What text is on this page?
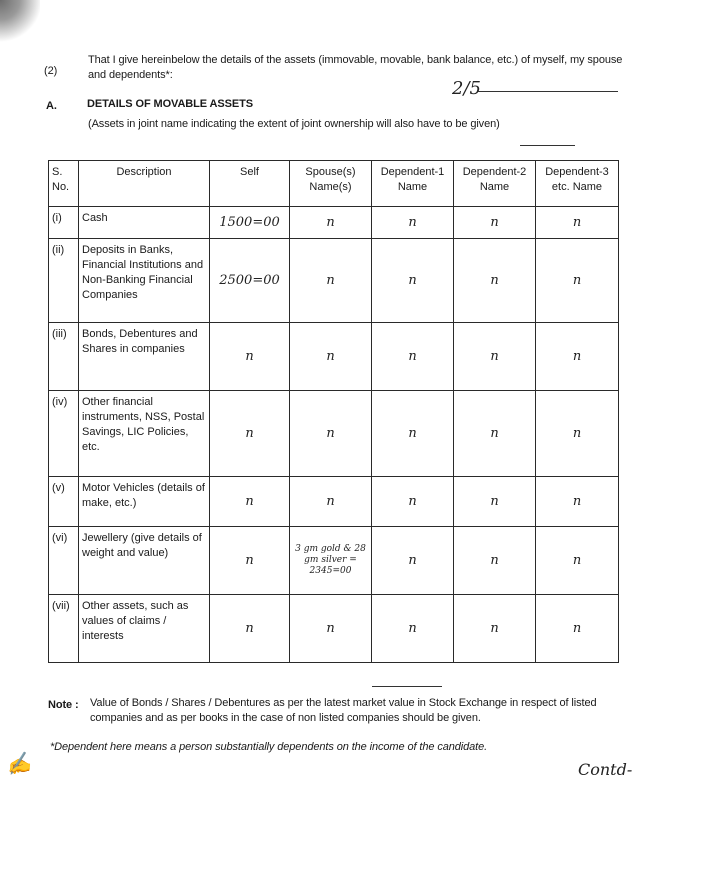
(2)
That I give hereinbelow the details of the assets (immovable, movable, bank balance, etc.) of myself, my spouse and dependents*:
A.	DETAILS OF MOVABLE ASSETS
(Assets in joint name indicating the extent of joint ownership will also have to be given)
2/5
S. No.	Description	Self	Spouse(s) Name(s)	Dependent-1 Name	Dependent-2 Name	Dependent-3 etc. Name
(i)	Cash	1500=00	n	n	n	n
(ii)	Deposits in Banks, Financial Institutions and Non-Banking Financial Companies	2500=00	n	n	n	n
(iii)	Bonds, Debentures and Shares in companies	n	n	n	n	n
(iv)	Other financial instruments, NSS, Postal Savings, LIC Policies, etc.	n	n	n	n	n
(v)	Motor Vehicles (details of make, etc.)	n	n	n	n	n
(vi)	Jewellery (give details of weight and value)	n	3 gm gold & 28 gm silver = 2345=00	n	n	n
(vii)	Other assets, such as values of claims / interests	n	n	n	n	n
Note : Value of Bonds / Shares / Debentures as per the latest market value in Stock Exchange in respect of listed companies and as per books in the case of non listed companies should be given.
*Dependent here means a person substantially dependents on the income of the candidate.
✍	Contd-
